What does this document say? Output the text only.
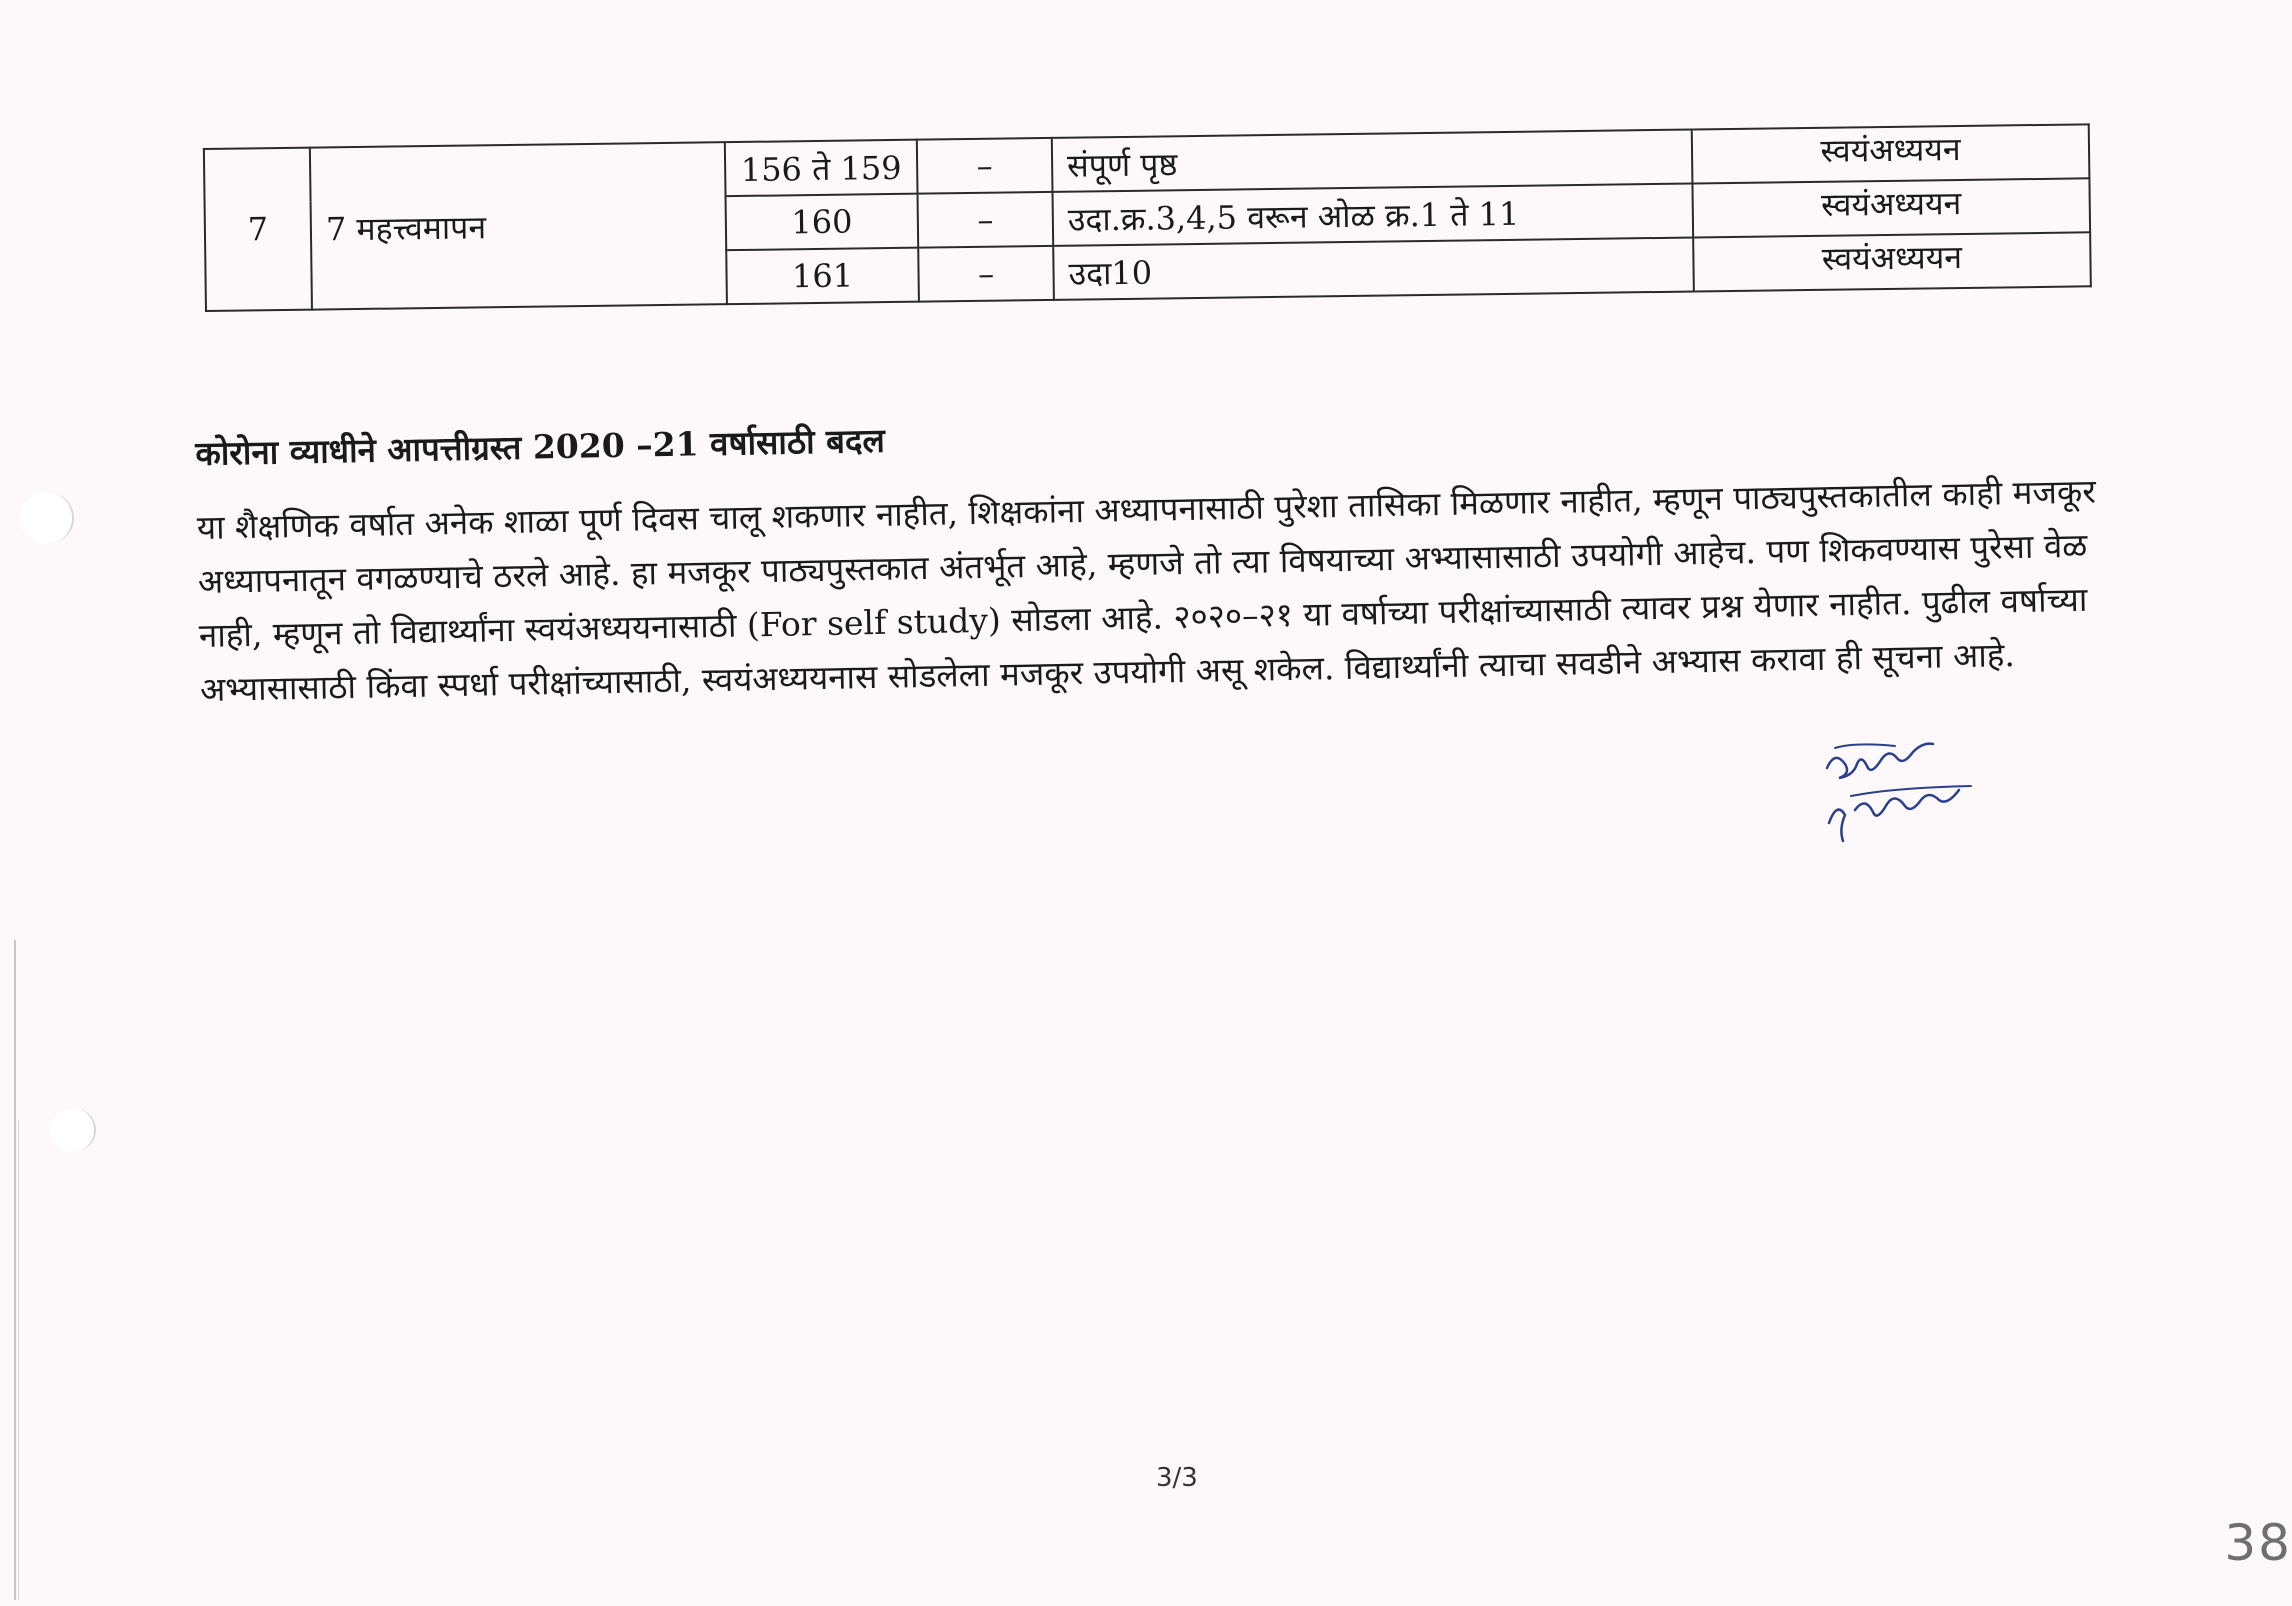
7	7 महत्त्वमापन	156 ते 159	–	संपूर्ण पृष्ठ	स्वयंअध्ययन
		160	–	उदा.क्र.3,4,5 वरून ओळ क्र.1 ते 11	स्वयंअध्ययन
		161	–	उदा10	स्वयंअध्ययन
कोरोना व्याधीने आपत्तीग्रस्त 2020 –21 वर्षासाठी बदल
या शैक्षणिक वर्षात अनेक शाळा पूर्ण दिवस चालू शकणार नाहीत, शिक्षकांना अध्यापनासाठी पुरेशा तासिका मिळणार नाहीत, म्हणून पाठ्यपुस्तकातील काही मजकूर
अध्यापनातून वगळण्याचे ठरले आहे. हा मजकूर पाठ्यपुस्तकात अंतर्भूत आहे, म्हणजे तो त्या विषयाच्या अभ्यासासाठी उपयोगी आहेच. पण शिकवण्यास पुरेसा वेळ
नाही, म्हणून तो विद्यार्थ्यांना स्वयंअध्ययनासाठी (For self study) सोडला आहे. २०२०–२१ या वर्षाच्या परीक्षांच्यासाठी त्यावर प्रश्न येणार नाहीत. पुढील वर्षाच्या
अभ्यासासाठी किंवा स्पर्धा परीक्षांच्यासाठी, स्वयंअध्ययनास सोडलेला मजकूर उपयोगी असू शकेल. विद्यार्थ्यांनी त्याचा सवडीने अभ्यास करावा ही सूचना आहे.
3/3
38
